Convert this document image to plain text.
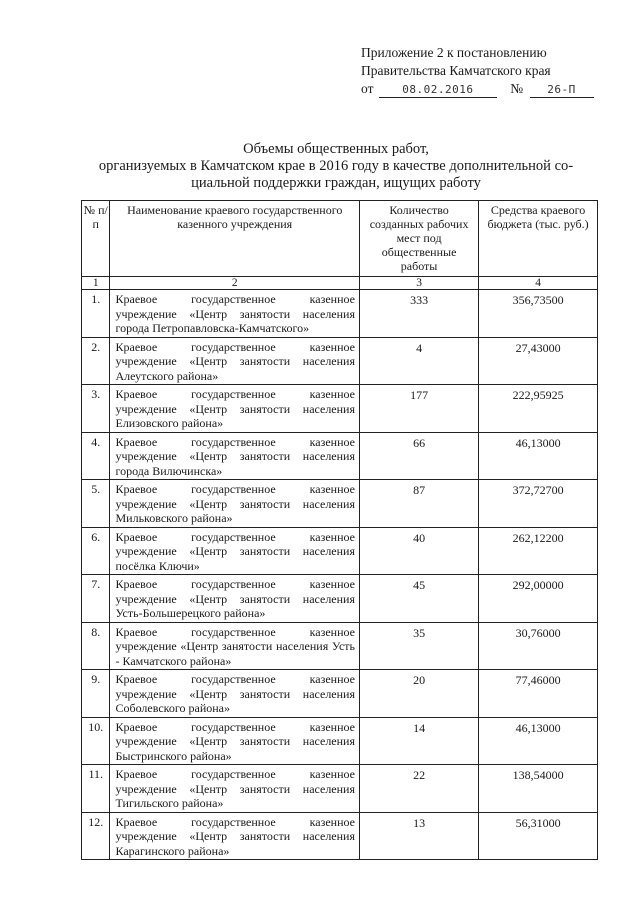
Приложение 2 к постановлению
Правительства Камчатского края
от	08.02.2016	№ 26-П
Объемы общественных работ,
организуемых в Камчатском крае в 2016 году в качестве дополнительной со-
циальной поддержки граждан, ищущих работу
№ п/п	Наименование краевого государственного казенного учреждения	Количество созданных рабочих мест под общественные работы	Средства краевого бюджета (тыс. руб.)
1	2	3	4
1.	Краевое государственное казенное учреждение «Центр занятости населения города Петропавловска-Камчатского»	333	356,73500

2.	Краевое государственное казенное учреждение «Центр занятости населения Алеутского района»	4	27,43000

3.	Краевое государственное казенное учреждение «Центр занятости населения Елизовского района»	177	222,95925

4.	Краевое государственное казенное учреждение «Центр занятости населения города Вилючинска»	66	46,13000

5.	Краевое государственное казенное учреждение «Центр занятости населения Мильковского района»	87	372,72700

6.	Краевое государственное казенное учреждение «Центр занятости населения посёлка Ключи»	40	262,12200

7.	Краевое государственное казенное учреждение «Центр занятости населения Усть-Большерецкого района»	45	292,00000

8.	Краевое государственное казенное учреждение «Центр занятости населения Усть - Камчатского района»	35	30,76000

9.	Краевое государственное казенное учреждение «Центр занятости населения Соболевского района»	20	77,46000

10.	Краевое государственное казенное учреждение «Центр занятости населения Быстринского района»	14	46,13000

11.	Краевое государственное казенное учреждение «Центр занятости населения Тигильского района»	22	138,54000

12.	Краевое государственное казенное учреждение «Центр занятости населения Карагинского района»	13	56,31000
